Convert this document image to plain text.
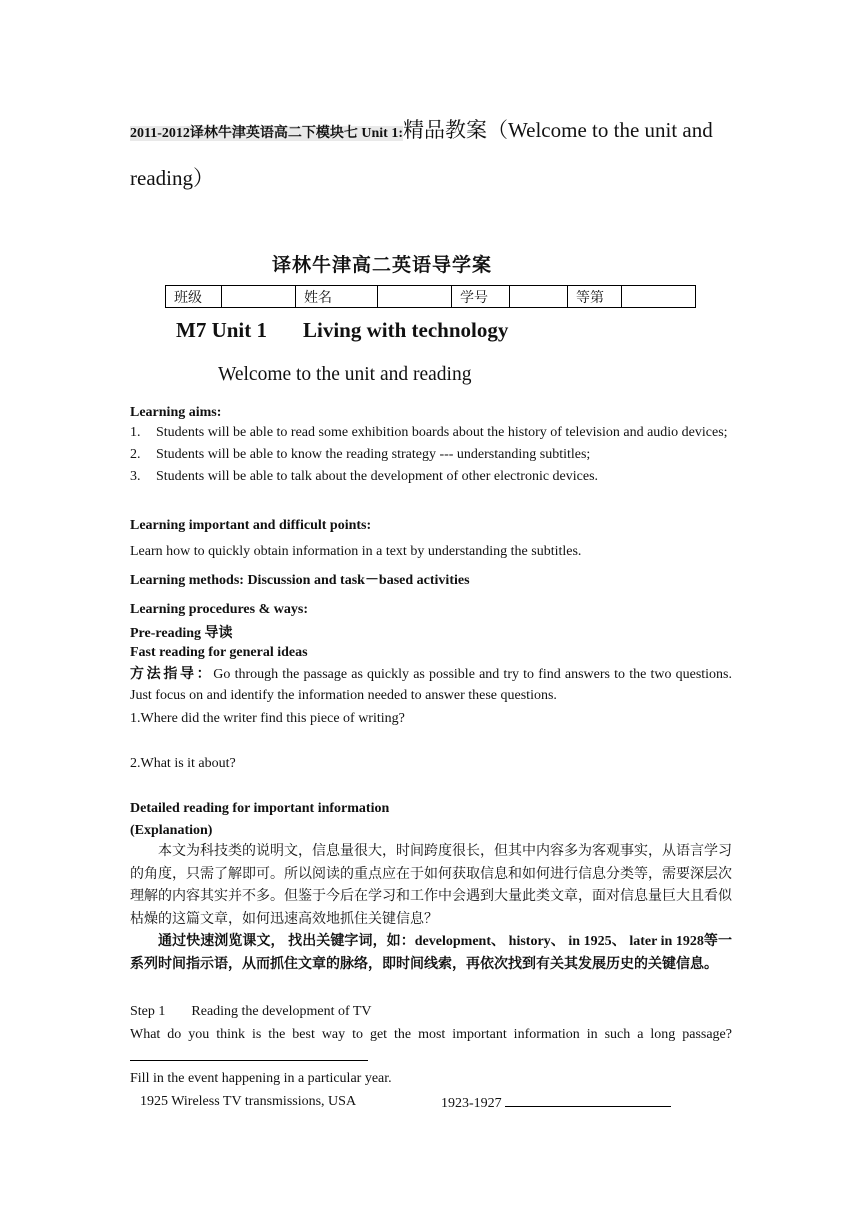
2011-2012译林牛津英语高二下模块七 Unit 1:精品教案（Welcome to the unit and reading）
译林牛津高二英语导学案
班级		姓名		学号		等第	
M7 Unit 1 Living with technology
Welcome to the unit and reading
Learning aims:
1. Students will be able to read some exhibition boards about the history of television and audio devices;
2. Students will be able to know the reading strategy --- understanding subtitles;
3. Students will be able to talk about the development of other electronic devices.
Learning important and difficult points:
Learn how to quickly obtain information in a text by understanding the subtitles.
Learning methods: Discussion and task－based activities
Learning procedures & ways:
Pre-reading 导读
Fast reading for general ideas
方法指导：Go through the passage as quickly as possible and try to find answers to the two questions. Just focus on and identify the information needed to answer these questions.
1.Where did the writer find this piece of writing?
2.What is it about?
Detailed reading for important information
(Explanation)
本文为科技类的说明文，信息量很大，时间跨度很长，但其中内容多为客观事实，从语言学习的角度，只需了解即可。所以阅读的重点应在于如何获取信息和如何进行信息分类等，需要深层次理解的内容其实并不多。但鉴于今后在学习和工作中会遇到大量此类文章，面对信息量巨大且看似枯燥的这篇文章，如何迅速高效地抓住关键信息？
通过快速浏览课文， 找出关键字词，如：development、 history、 in 1925、 later in 1928等一系列时间指示语，从而抓住文章的脉络，即时间线索，再依次找到有关其发展历史的关键信息。
Step 1 Reading the development of TV
What do you think is the best way to get the most important information in such a long passage?
Fill in the event happening in a particular year.
1925 Wireless TV transmissions, USA	1923-1927
